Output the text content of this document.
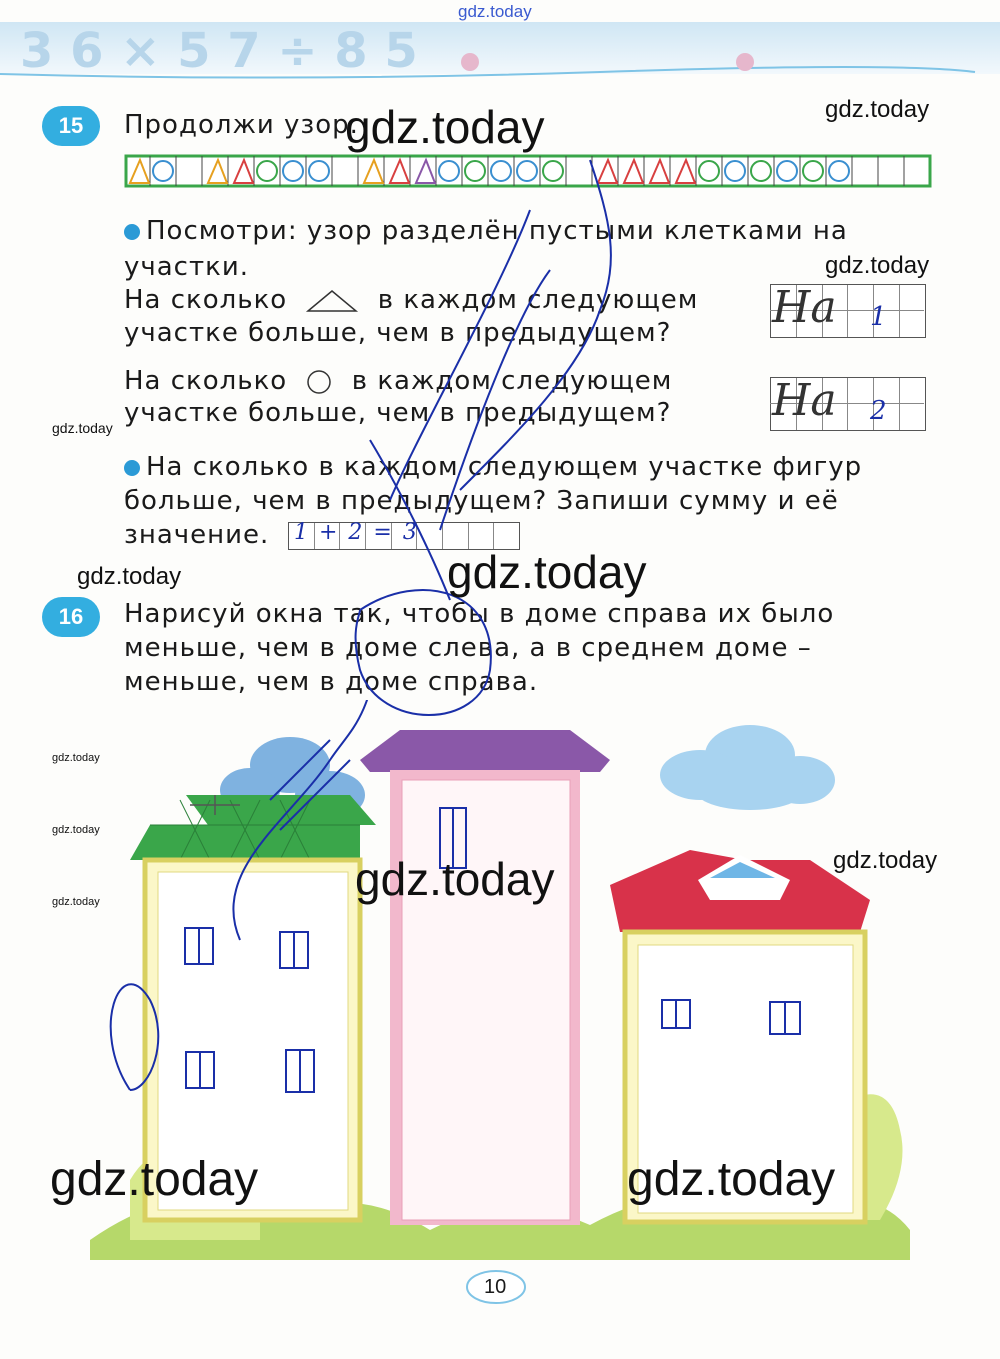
gdz.today
3 6 × 5 7 ÷ 8 5
15	Продолжи узор.
Посмотри: узор разделён пустыми клетками на
участки.
На сколько	в каждом следующем
участке больше, чем в предыдущем? На 1
На сколько в каждом следующем
участке больше, чем в предыдущем? На 2
На сколько в каждом следующем участке фигур
больше, чем в предыдущем? Запиши сумму и её
значение. 1 + 2 = 3
16	Нарисуй окна так, чтобы в доме справа их было
меньше, чем в доме слева, а в среднем доме –
меньше, чем в доме справа.
gdz.today	gdz.today
gdz.today
gdz.today
gdz.today	gdz.today
gdz.today
gdz.today
gdz.today
gdz.today
gdz.today
gdz.today	gdz.today
10
